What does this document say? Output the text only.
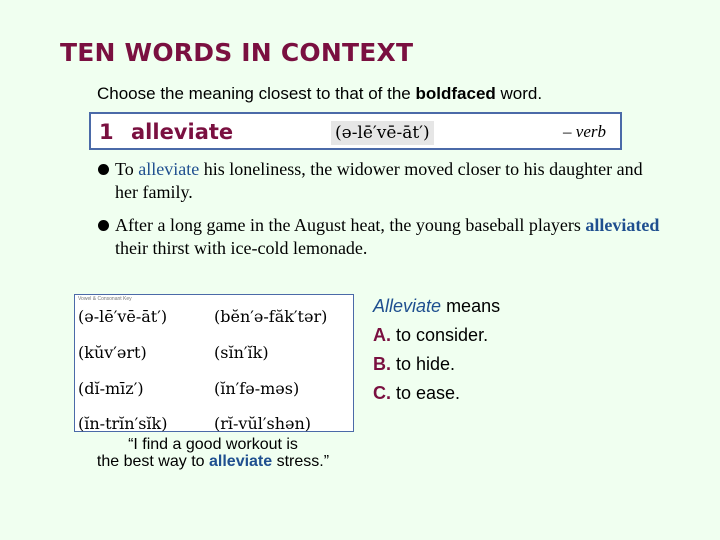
TEN WORDS IN CONTEXT
Choose the meaning closest to that of the boldfaced word.
1 alleviate	(ə-lē′vē-āt′)	– verb
To alleviate his loneliness, the widower moved closer to his daughter and her family.
After a long game in the August heat, the young baseball players alleviated their thirst with ice-cold lemonade.
Vowel & Consonant Key
(ə-lē′vē-āt′)	(bĕn′ə-făk′tər)
(kŭv′ərt)	(sĭn′ĭk)
(dĭ-mīz′)	(ĭn′fə-məs)
(ĭn-trĭn′sĭk)	(rĭ-vŭl′shən)
“I find a good workout is
the best way to alleviate stress.”
Alleviate means
A. to consider.
B. to hide.
C. to ease.
